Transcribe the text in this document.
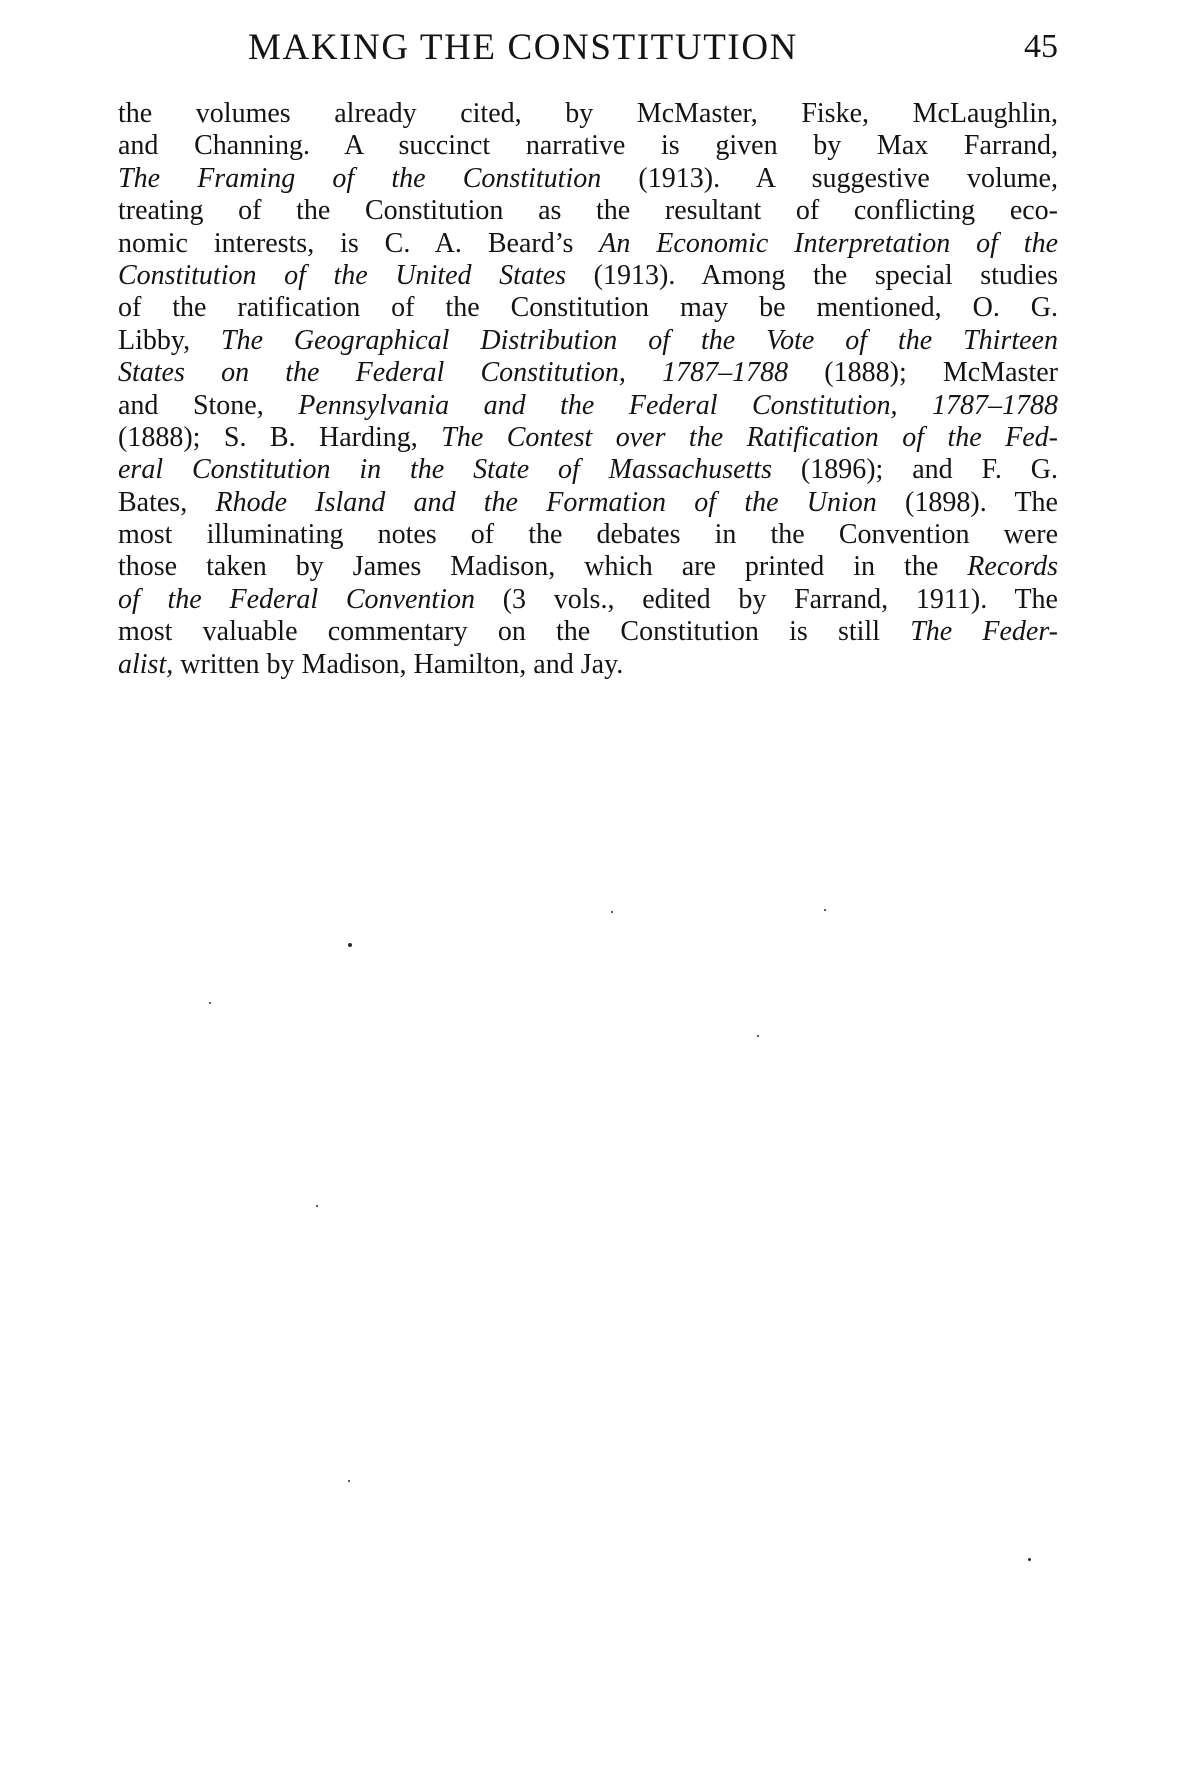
MAKING THE CONSTITUTION	45
the volumes already cited, by McMaster, Fiske, McLaughlin,
and Channing. A succinct narrative is given by Max Farrand,
The Framing of the Constitution (1913). A suggestive volume,
treating of the Constitution as the resultant of conflicting eco-
nomic interests, is C. A. Beard’s An Economic Interpretation of the
Constitution of the United States (1913). Among the special studies
of the ratification of the Constitution may be mentioned, O. G.
Libby, The Geographical Distribution of the Vote of the Thirteen
States on the Federal Constitution, 1787–1788 (1888); McMaster
and Stone, Pennsylvania and the Federal Constitution, 1787–1788
(1888); S. B. Harding, The Contest over the Ratification of the Fed-
eral Constitution in the State of Massachusetts (1896); and F. G.
Bates, Rhode Island and the Formation of the Union (1898). The
most illuminating notes of the debates in the Convention were
those taken by James Madison, which are printed in the Records
of the Federal Convention (3 vols., edited by Farrand, 1911). The
most valuable commentary on the Constitution is still The Feder-
alist, written by Madison, Hamilton, and Jay.
